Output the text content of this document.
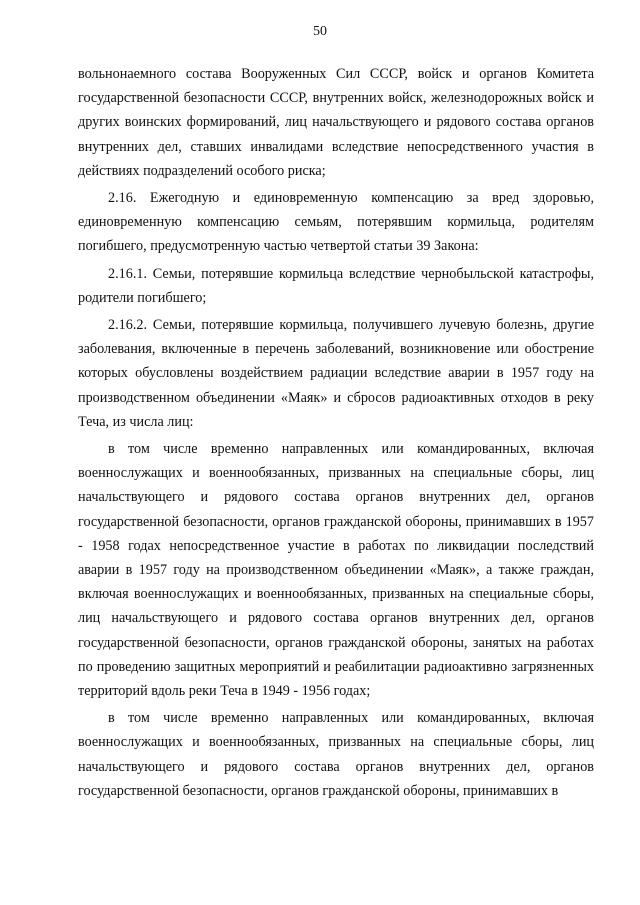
50

вольнонаемного состава Вооруженных Сил СССР, войск и органов Комитета государственной безопасности СССР, внутренних войск, железнодорожных войск и других воинских формирований, лиц начальствующего и рядового состава органов внутренних дел, ставших инвалидами вследствие непосредственного участия в действиях подразделений особого риска;

2.16. Ежегодную и единовременную компенсацию за вред здоровью, единовременную компенсацию семьям, потерявшим кормильца, родителям погибшего, предусмотренную частью четвертой статьи 39 Закона:

2.16.1. Семьи, потерявшие кормильца вследствие чернобыльской катастрофы, родители погибшего;

2.16.2. Семьи, потерявшие кормильца, получившего лучевую болезнь, другие заболевания, включенные в перечень заболеваний, возникновение или обострение которых обусловлены воздействием радиации вследствие аварии в 1957 году на производственном объединении «Маяк» и сбросов радиоактивных отходов в реку Теча, из числа лиц:

в том числе временно направленных или командированных, включая военнослужащих и военнообязанных, призванных на специальные сборы, лиц начальствующего и рядового состава органов внутренних дел, органов государственной безопасности, органов гражданской обороны, принимавших в 1957 - 1958 годах непосредственное участие в работах по ликвидации последствий аварии в 1957 году на производственном объединении «Маяк», а также граждан, включая военнослужащих и военнообязанных, призванных на специальные сборы, лиц начальствующего и рядового состава органов внутренних дел, органов государственной безопасности, органов гражданской обороны, занятых на работах по проведению защитных мероприятий и реабилитации радиоактивно загрязненных территорий вдоль реки Теча в 1949 - 1956 годах;

в том числе временно направленных или командированных, включая военнослужащих и военнообязанных, призванных на специальные сборы, лиц начальствующего и рядового состава органов внутренних дел, органов государственной безопасности, органов гражданской обороны, принимавших в
